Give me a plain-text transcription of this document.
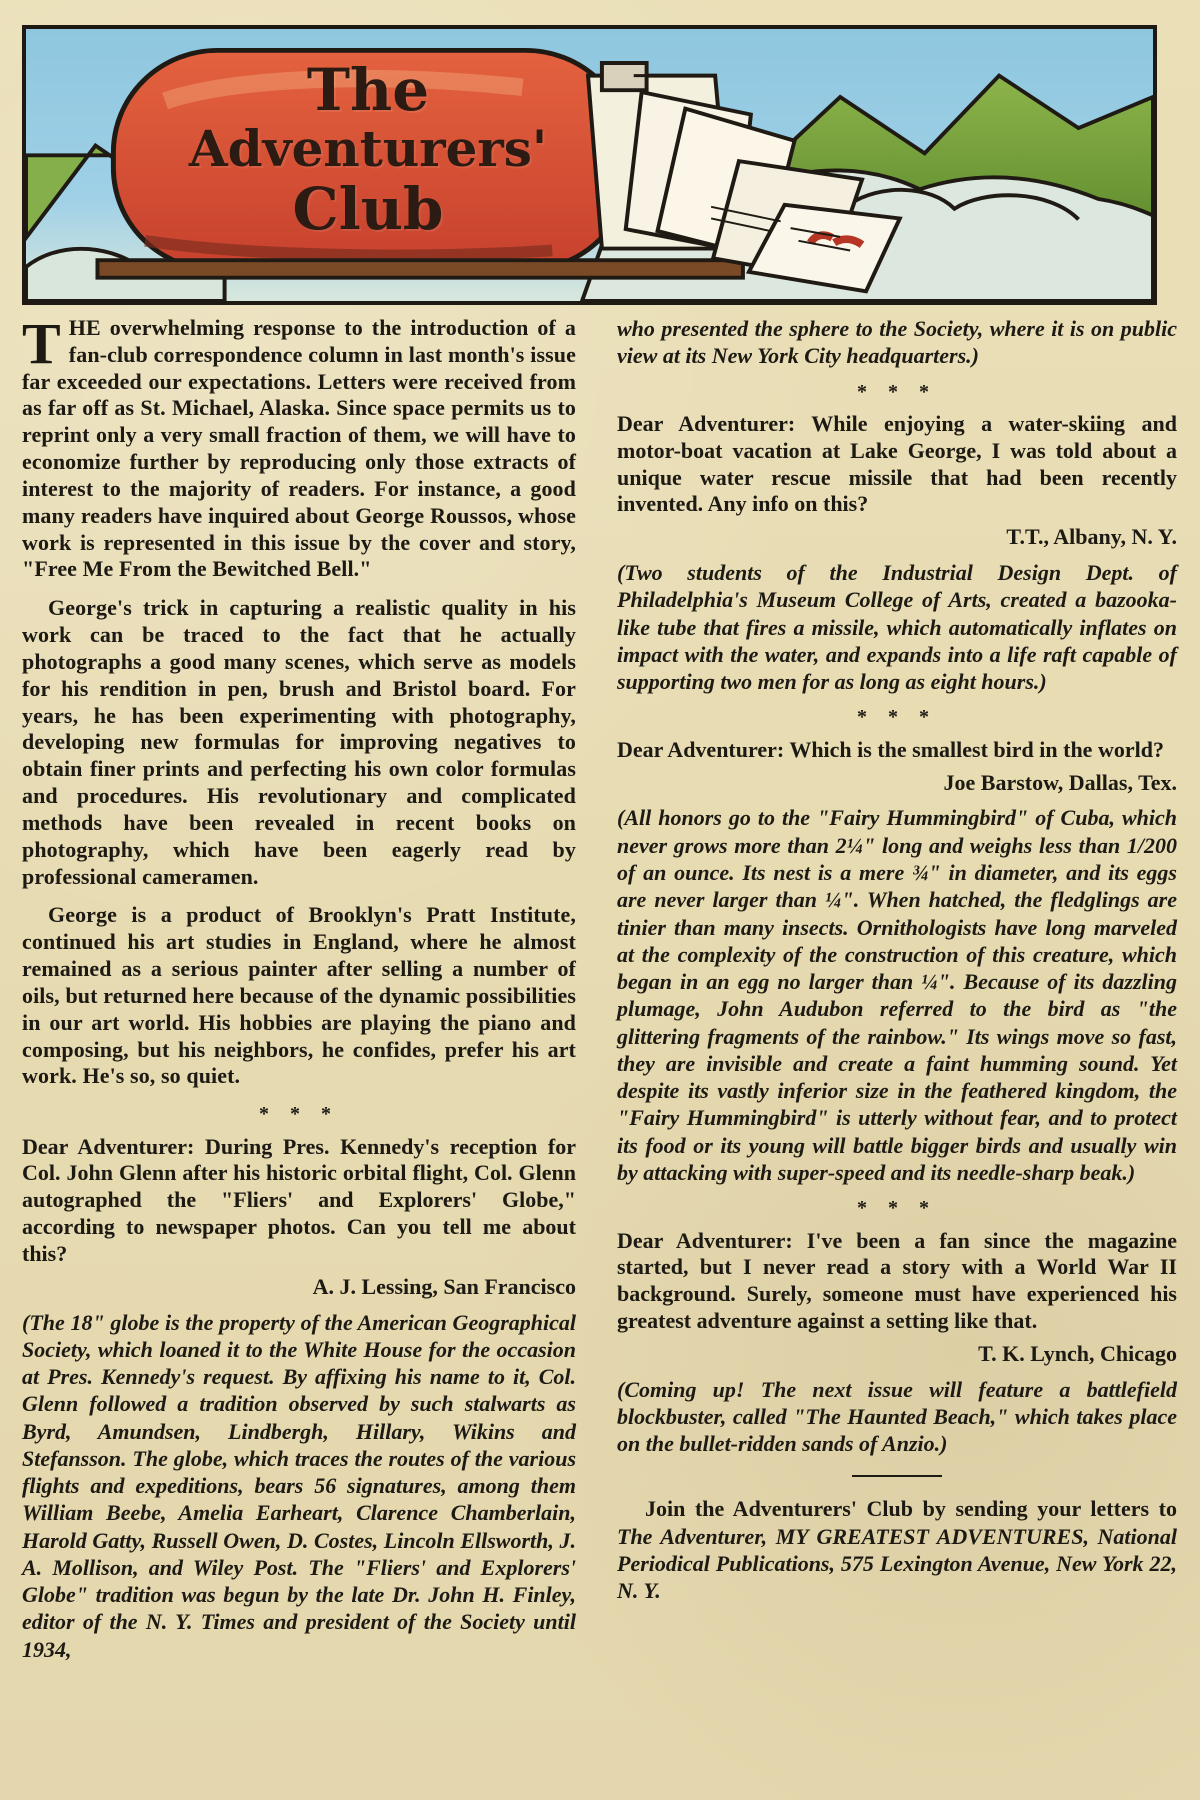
The
Adventurers'
Club

THE overwhelming response to the introduction of a fan-club correspondence column in last month's issue far exceeded our expectations. Letters were received from as far off as St. Michael, Alaska. Since space permits us to reprint only a very small fraction of them, we will have to economize further by reproducing only those extracts of interest to the majority of readers. For instance, a good many readers have inquired about George Roussos, whose work is represented in this issue by the cover and story, "Free Me From the Bewitched Bell."

George's trick in capturing a realistic quality in his work can be traced to the fact that he actually photographs a good many scenes, which serve as models for his rendition in pen, brush and Bristol board. For years, he has been experimenting with photography, developing new formulas for improving negatives to obtain finer prints and perfecting his own color formulas and procedures. His revolutionary and complicated methods have been revealed in recent books on photography, which have been eagerly read by professional cameramen.

George is a product of Brooklyn's Pratt Institute, continued his art studies in England, where he almost remained as a serious painter after selling a number of oils, but returned here because of the dynamic possibilities in our art world. His hobbies are playing the piano and composing, but his neighbors, he confides, prefer his art work. He's so, so quiet.

* * *

Dear Adventurer: During Pres. Kennedy's reception for Col. John Glenn after his historic orbital flight, Col. Glenn autographed the "Fliers' and Explorers' Globe," according to newspaper photos. Can you tell me about this?

A. J. Lessing, San Francisco

(The 18" globe is the property of the American Geographical Society, which loaned it to the White House for the occasion at Pres. Kennedy's request. By affixing his name to it, Col. Glenn followed a tradition observed by such stalwarts as Byrd, Amundsen, Lindbergh, Hillary, Wikins and Stefansson. The globe, which traces the routes of the various flights and expeditions, bears 56 signatures, among them William Beebe, Amelia Earheart, Clarence Chamberlain, Harold Gatty, Russell Owen, D. Costes, Lincoln Ellsworth, J. A. Mollison, and Wiley Post. The "Fliers' and Explorers' Globe" tradition was begun by the late Dr. John H. Finley, editor of the N. Y. Times and president of the Society until 1934,

who presented the sphere to the Society, where it is on public view at its New York City headquarters.)

* * *

Dear Adventurer: While enjoying a water-skiing and motor-boat vacation at Lake George, I was told about a unique water rescue missile that had been recently invented. Any info on this?

T.T., Albany, N. Y.

(Two students of the Industrial Design Dept. of Philadelphia's Museum College of Arts, created a bazooka-like tube that fires a missile, which automatically inflates on impact with the water, and expands into a life raft capable of supporting two men for as long as eight hours.)

* * *

Dear Adventurer: Which is the smallest bird in the world?

Joe Barstow, Dallas, Tex.

(All honors go to the "Fairy Hummingbird" of Cuba, which never grows more than 2¼" long and weighs less than 1/200 of an ounce. Its nest is a mere ¾" in diameter, and its eggs are never larger than ¼". When hatched, the fledglings are tinier than many insects. Ornithologists have long marveled at the complexity of the construction of this creature, which began in an egg no larger than ¼". Because of its dazzling plumage, John Audubon referred to the bird as "the glittering fragments of the rainbow." Its wings move so fast, they are invisible and create a faint humming sound. Yet despite its vastly inferior size in the feathered kingdom, the "Fairy Hummingbird" is utterly without fear, and to protect its food or its young will battle bigger birds and usually win by attacking with super-speed and its needle-sharp beak.)

* * *

Dear Adventurer: I've been a fan since the magazine started, but I never read a story with a World War II background. Surely, someone must have experienced his greatest adventure against a setting like that.

T. K. Lynch, Chicago

(Coming up! The next issue will feature a battlefield blockbuster, called "The Haunted Beach," which takes place on the bullet-ridden sands of Anzio.)

Join the Adventurers' Club by sending your letters to The Adventurer, MY GREATEST ADVENTURES, National Periodical Publications, 575 Lexington Avenue, New York 22, N. Y.
